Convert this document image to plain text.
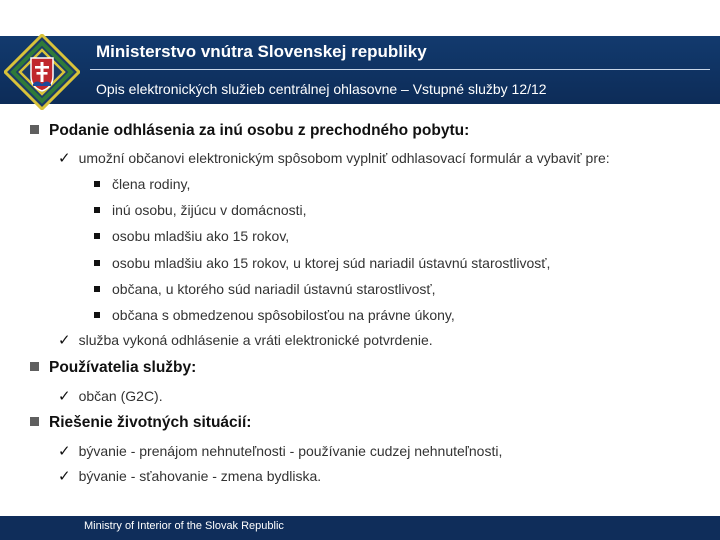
Ministerstvo vnútra Slovenskej republiky
Opis elektronických služieb centrálnej ohlasovne – Vstupné služby 12/12
Podanie odhlásenia za inú osobu z prechodného pobytu:
✓ umožní občanovi elektronickým spôsobom vyplniť odhlasovací formulár a vybaviť pre:
člena rodiny,
inú osobu, žijúcu v domácnosti,
osobu mladšiu ako 15 rokov,
osobu mladšiu ako 15 rokov, u ktorej súd nariadil ústavnú starostlivosť,
občana, u ktorého súd nariadil ústavnú starostlivosť,
občana s obmedzenou spôsobilosťou na právne úkony,
✓ služba vykoná odhlásenie a vráti elektronické potvrdenie.
Používatelia služby:
✓ občan (G2C).
Riešenie životných situácií:
✓ bývanie - prenájom nehnuteľnosti - používanie cudzej nehnuteľnosti,
✓ bývanie - sťahovanie - zmena bydliska.
Ministry of Interior of the Slovak Republic
